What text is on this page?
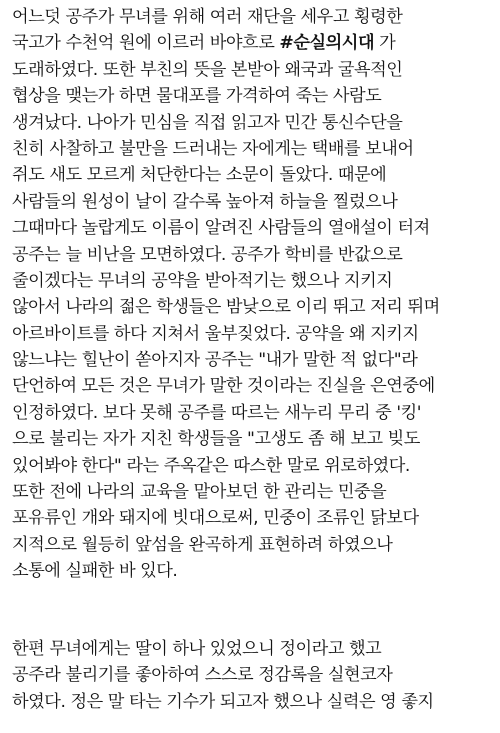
어느덧 공주가 무녀를 위해 여러 재단을 세우고 횡령한
국고가 수천억 원에 이르러 바야흐로 #순실의시대 가
도래하였다. 또한 부친의 뜻을 본받아 왜국과 굴욕적인
협상을 맺는가 하면 물대포를 가격하여 죽는 사람도
생겨났다. 나아가 민심을 직접 읽고자 민간 통신수단을
친히 사찰하고 불만을 드러내는 자에게는 택배를 보내어
쥐도 새도 모르게 처단한다는 소문이 돌았다. 때문에
사람들의 원성이 날이 갈수록 높아져 하늘을 찔렀으나
그때마다 놀랍게도 이름이 알려진 사람들의 열애설이 터져
공주는 늘 비난을 모면하였다. 공주가 학비를 반값으로
줄이겠다는 무녀의 공약을 받아적기는 했으나 지키지
않아서 나라의 젊은 학생들은 밤낮으로 이리 뛰고 저리 뛰며
아르바이트를 하다 지쳐서 울부짖었다. 공약을 왜 지키지
않느냐는 힐난이 쏟아지자 공주는 "내가 말한 적 없다"라
단언하여 모든 것은 무녀가 말한 것이라는 진실을 은연중에
인정하였다. 보다 못해 공주를 따르는 새누리 무리 중 '킹'
으로 불리는 자가 지친 학생들을 "고생도 좀 해 보고 빚도
있어봐야 한다" 라는 주옥같은 따스한 말로 위로하였다.
또한 전에 나라의 교육을 맡아보던 한 관리는 민중을
포유류인 개와 돼지에 빗대으로써, 민중이 조류인 닭보다
지적으로 월등히 앞섬을 완곡하게 표현하려 하였으나
소통에 실패한 바 있다.
한편 무녀에게는 딸이 하나 있었으니 정이라고 했고
공주라 불리기를 좋아하여 스스로 정감록을 실현코자
하였다. 정은 말 타는 기수가 되고자 했으나 실력은 영 좋지
